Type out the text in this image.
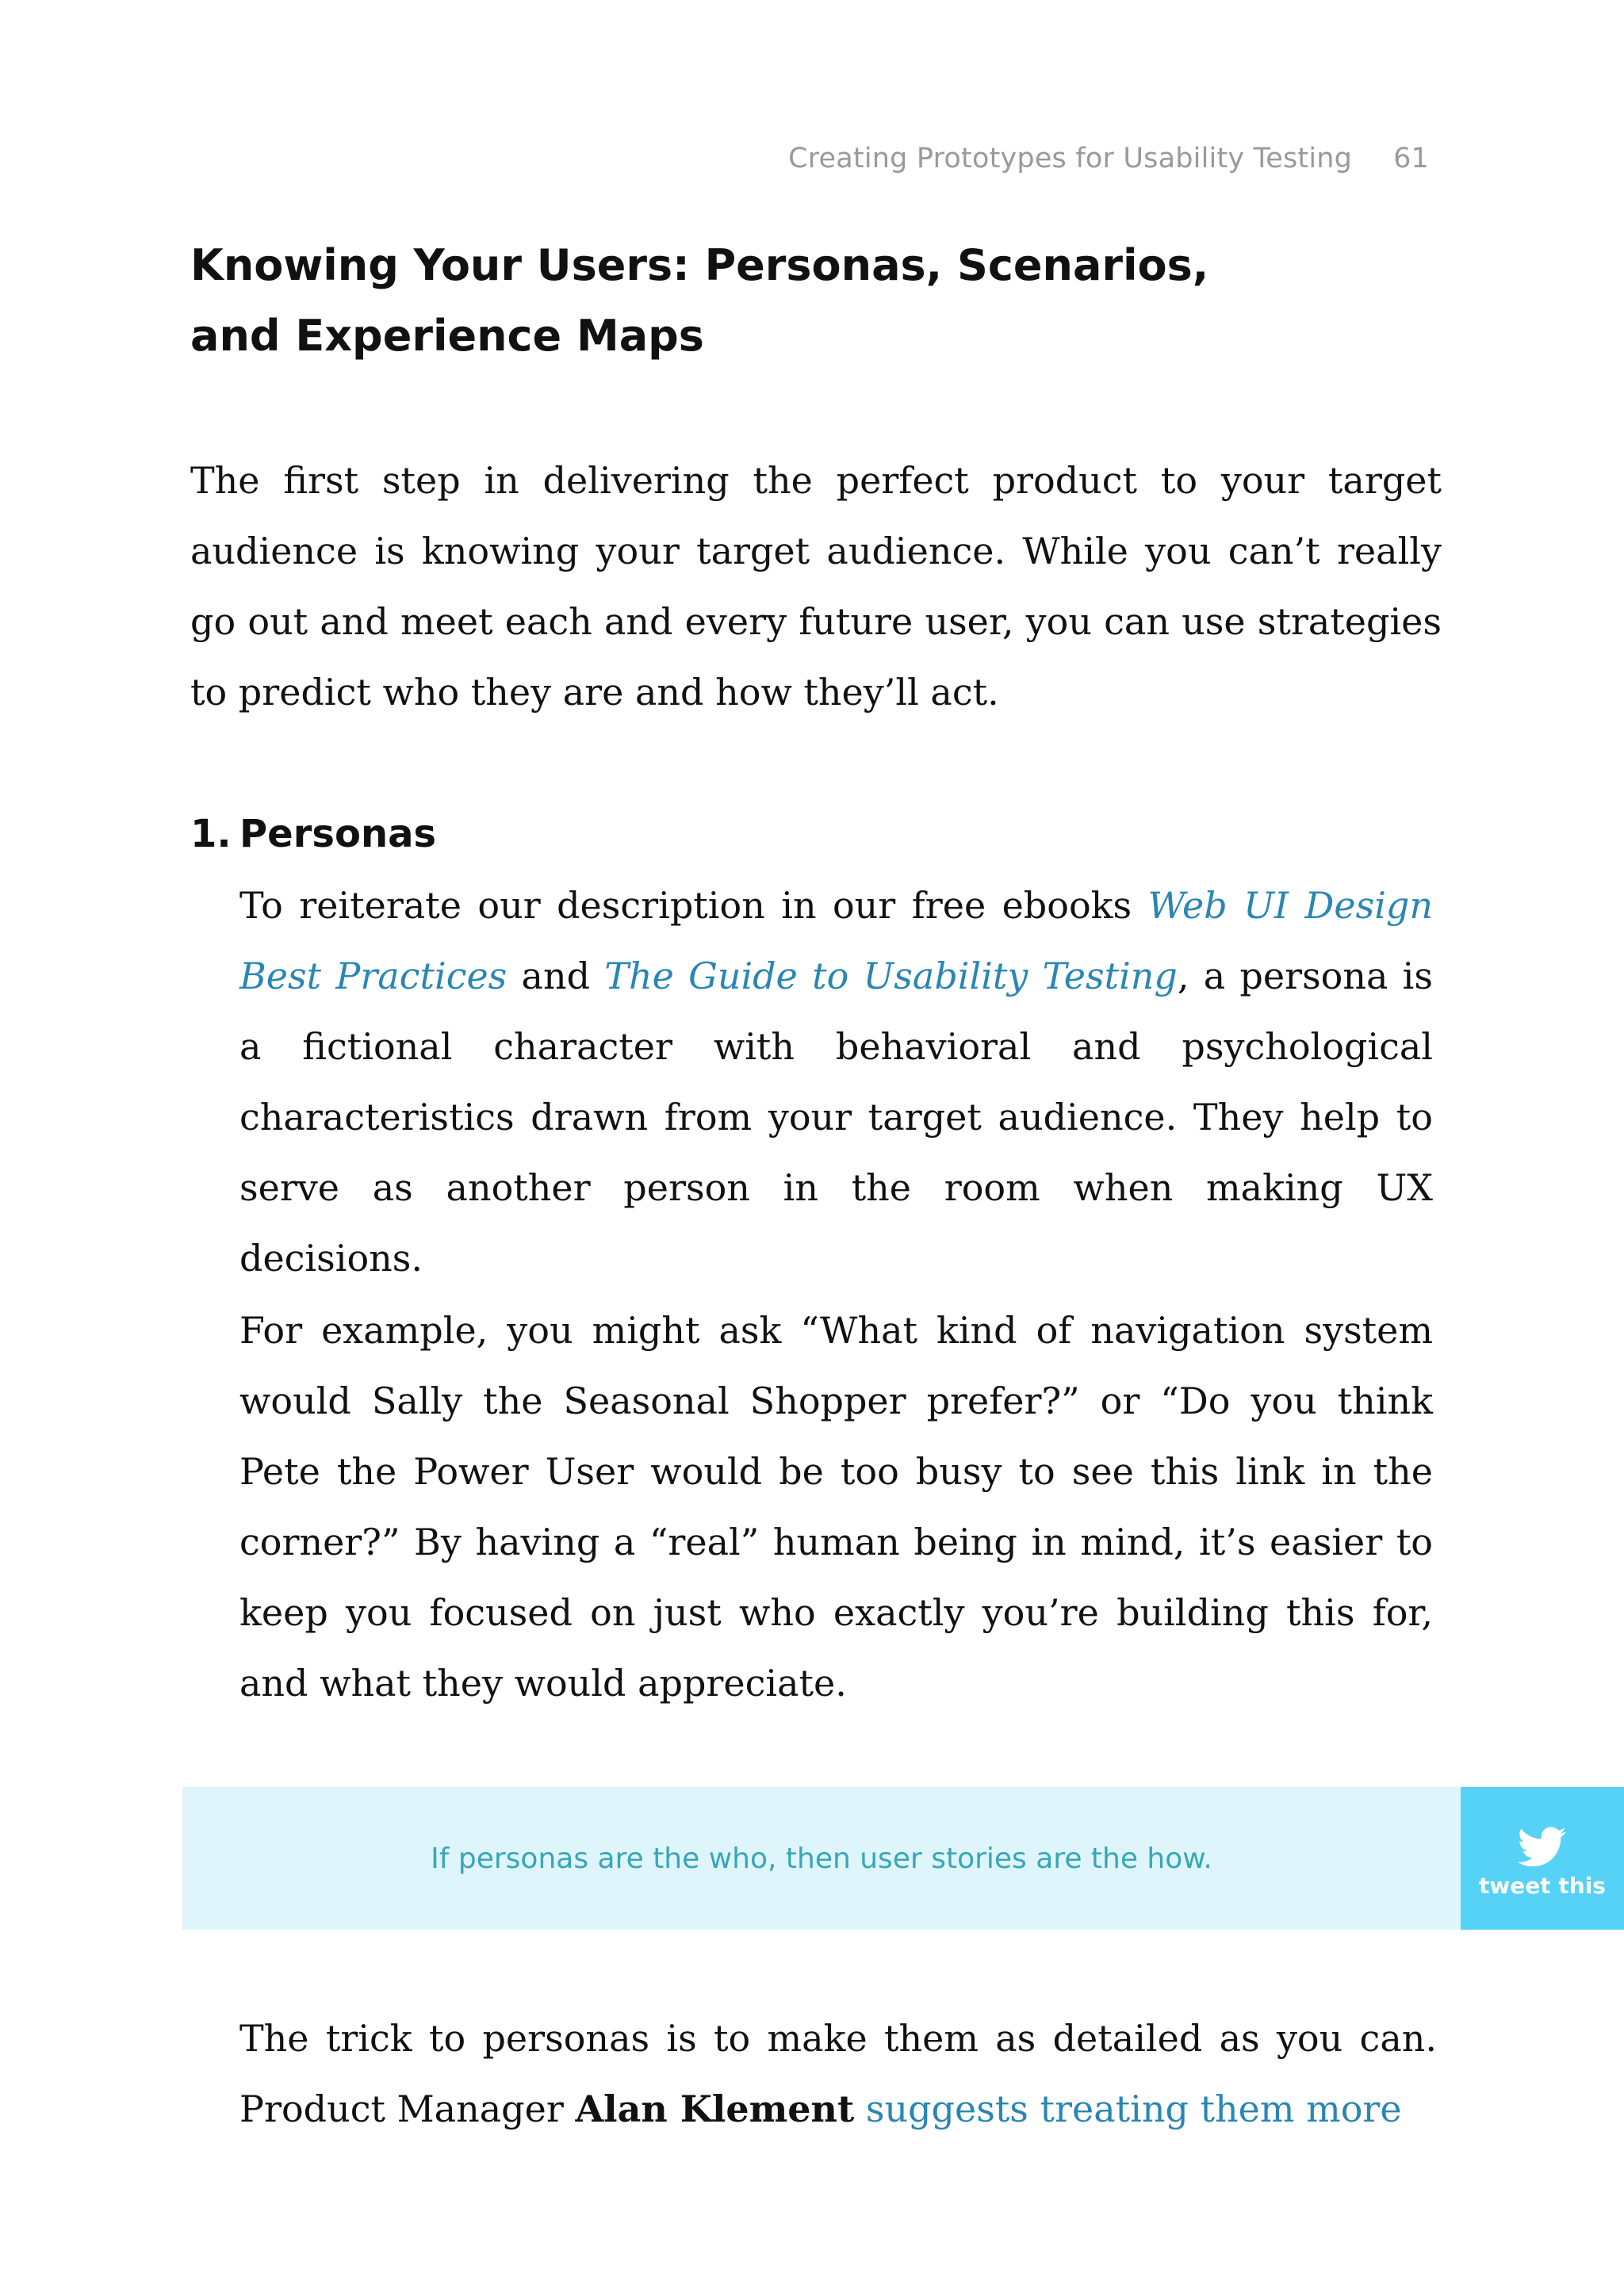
Creating Prototypes for Usability Testing 61
Knowing Your Users: Personas, Scenarios,
and Experience Maps

The first step in delivering the perfect product to your target audience is knowing your target audience. While you can’t really go out and meet each and every future user, you can use strategies to predict who they are and how they’ll act.

1. Personas

To reiterate our description in our free ebooks Web UI Design Best Practices and The Guide to Usability Testing, a persona is a fictional character with behavioral and psychological characteristics drawn from your target audience. They help to serve as another person in the room when making UX decisions.

For example, you might ask “What kind of navigation system would Sally the Seasonal Shopper prefer?” or “Do you think Pete the Power User would be too busy to see this link in the corner?” By having a “real” human being in mind, it’s easier to keep you focused on just who exactly you’re building this for, and what they would appreciate.

If personas are the who, then user stories are the how.
tweet this

The trick to personas is to make them as detailed as you can. Product Manager Alan Klement suggests treating them more
